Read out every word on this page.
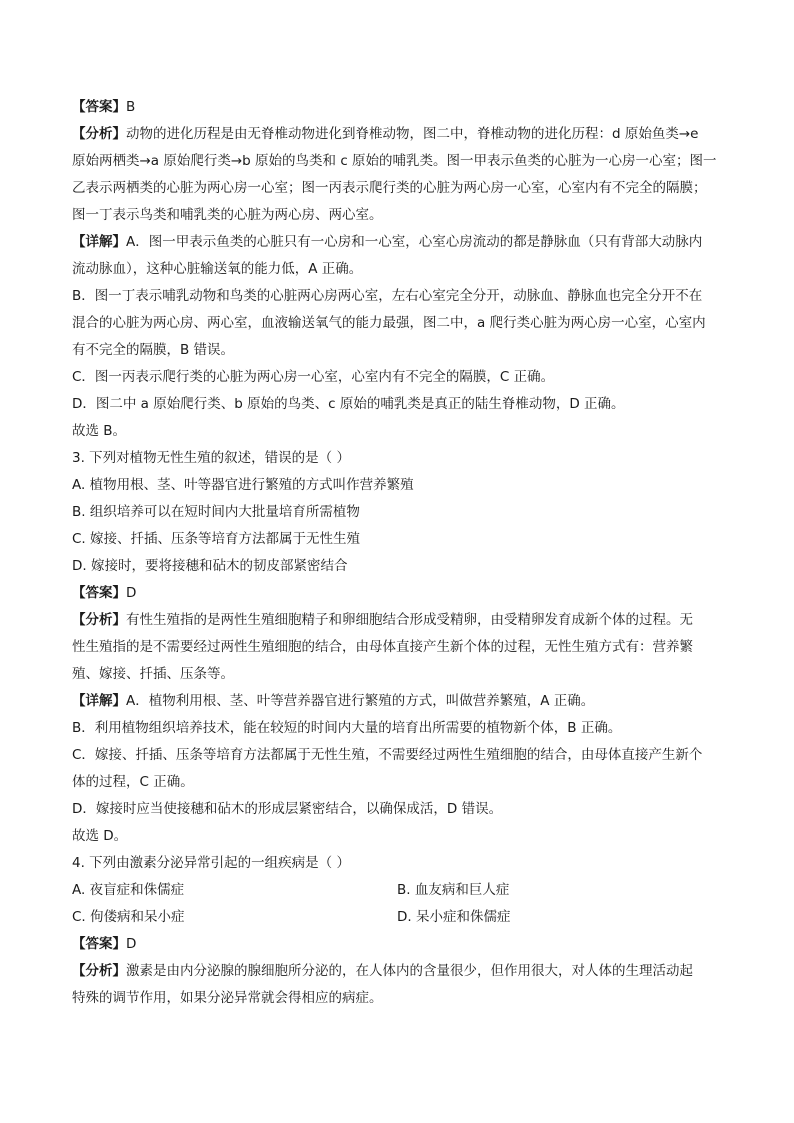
【答案】B
【分析】动物的进化历程是由无脊椎动物进化到脊椎动物，图二中，脊椎动物的进化历程：d 原始鱼类→e
原始两栖类→a 原始爬行类→b 原始的鸟类和 c 原始的哺乳类。图一甲表示鱼类的心脏为一心房一心室；图一
乙表示两栖类的心脏为两心房一心室；图一丙表示爬行类的心脏为两心房一心室，心室内有不完全的隔膜；
图一丁表示鸟类和哺乳类的心脏为两心房、两心室。
【详解】A．图一甲表示鱼类的心脏只有一心房和一心室，心室心房流动的都是静脉血（只有背部大动脉内
流动脉血），这种心脏输送氧的能力低，A 正确。
B．图一丁表示哺乳动物和鸟类的心脏两心房两心室，左右心室完全分开，动脉血、静脉血也完全分开不在
混合的心脏为两心房、两心室，血液输送氧气的能力最强，图二中，a 爬行类心脏为两心房一心室，心室内
有不完全的隔膜，B 错误。
C．图一丙表示爬行类的心脏为两心房一心室，心室内有不完全的隔膜，C 正确。
D．图二中 a 原始爬行类、b 原始的鸟类、c 原始的哺乳类是真正的陆生脊椎动物，D 正确。
故选 B。
3. 下列对植物无性生殖的叙述，错误的是（ ）
A. 植物用根、茎、叶等器官进行繁殖的方式叫作营养繁殖
B. 组织培养可以在短时间内大批量培育所需植物
C. 嫁接、扦插、压条等培育方法都属于无性生殖
D. 嫁接时，要将接穗和砧木的韧皮部紧密结合
【答案】D
【分析】有性生殖指的是两性生殖细胞精子和卵细胞结合形成受精卵，由受精卵发育成新个体的过程。无
性生殖指的是不需要经过两性生殖细胞的结合，由母体直接产生新个体的过程，无性生殖方式有：营养繁
殖、嫁接、扦插、压条等。
【详解】A．植物利用根、茎、叶等营养器官进行繁殖的方式，叫做营养繁殖，A 正确。
B．利用植物组织培养技术，能在较短的时间内大量的培育出所需要的植物新个体，B 正确。
C．嫁接、扦插、压条等培育方法都属于无性生殖，不需要经过两性生殖细胞的结合，由母体直接产生新个
体的过程，C 正确。
D．嫁接时应当使接穗和砧木的形成层紧密结合，以确保成活，D 错误。
故选 D。
4. 下列由激素分泌异常引起的一组疾病是（ ）
A. 夜盲症和侏儒症	B. 血友病和巨人症
C. 佝偻病和呆小症	D. 呆小症和侏儒症
【答案】D
【分析】激素是由内分泌腺的腺细胞所分泌的，在人体内的含量很少，但作用很大，对人体的生理活动起
特殊的调节作用，如果分泌异常就会得相应的病症。
